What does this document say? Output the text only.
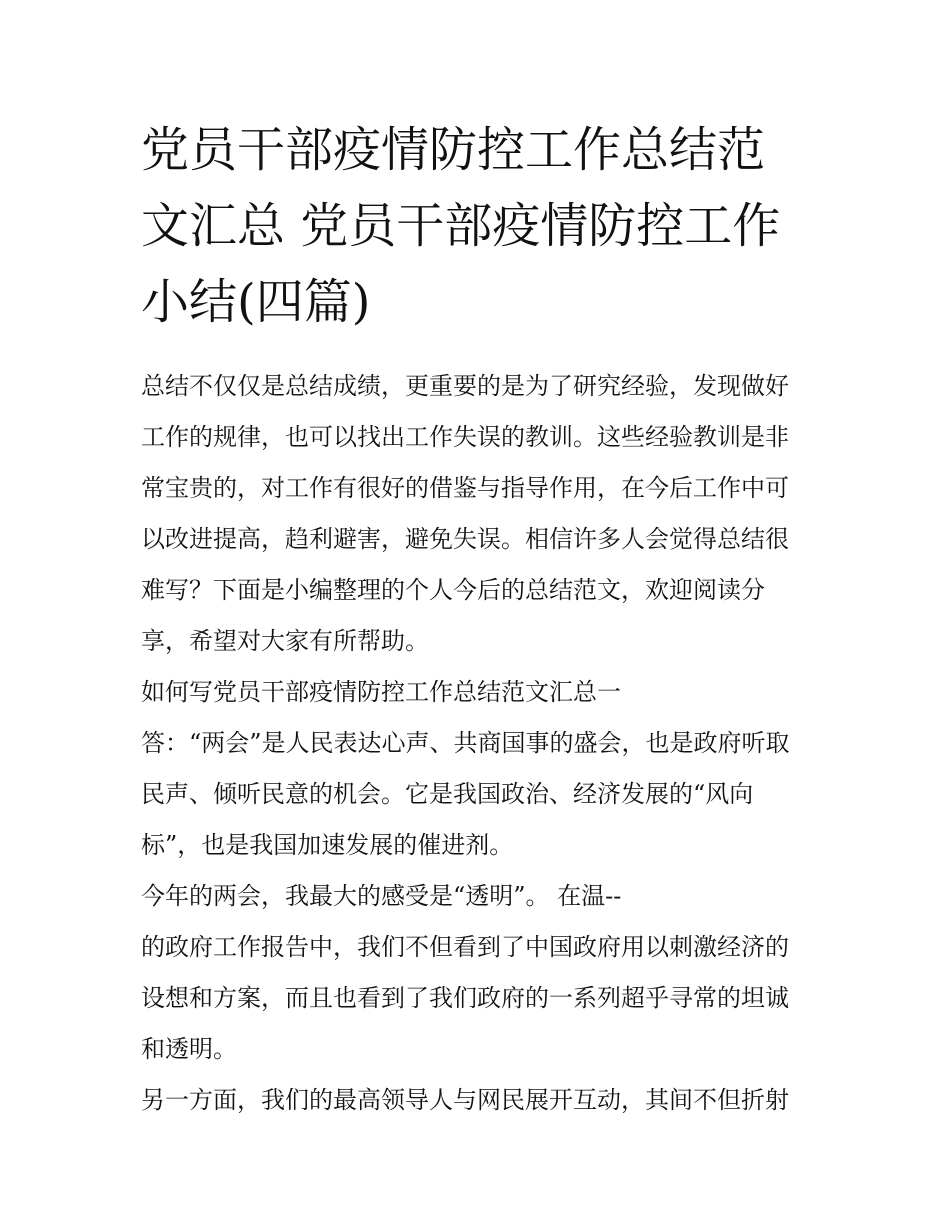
党员干部疫情防控工作总结范
文汇总 党员干部疫情防控工作
小结(四篇)
总结不仅仅是总结成绩，更重要的是为了研究经验，发现做好
工作的规律，也可以找出工作失误的教训。这些经验教训是非
常宝贵的，对工作有很好的借鉴与指导作用，在今后工作中可
以改进提高，趋利避害，避免失误。相信许多人会觉得总结很
难写？下面是小编整理的个人今后的总结范文，欢迎阅读分
享，希望对大家有所帮助。
如何写党员干部疫情防控工作总结范文汇总一
答：“两会”是人民表达心声、共商国事的盛会，也是政府听取
民声、倾听民意的机会。它是我国政治、经济发展的“风向
标”，也是我国加速发展的催进剂。
今年的两会，我最大的感受是“透明”。 在温--
的政府工作报告中，我们不但看到了中国政府用以刺激经济的
设想和方案，而且也看到了我们政府的一系列超乎寻常的坦诚
和透明。
另一方面，我们的最高领导人与网民展开互动，其间不但折射
